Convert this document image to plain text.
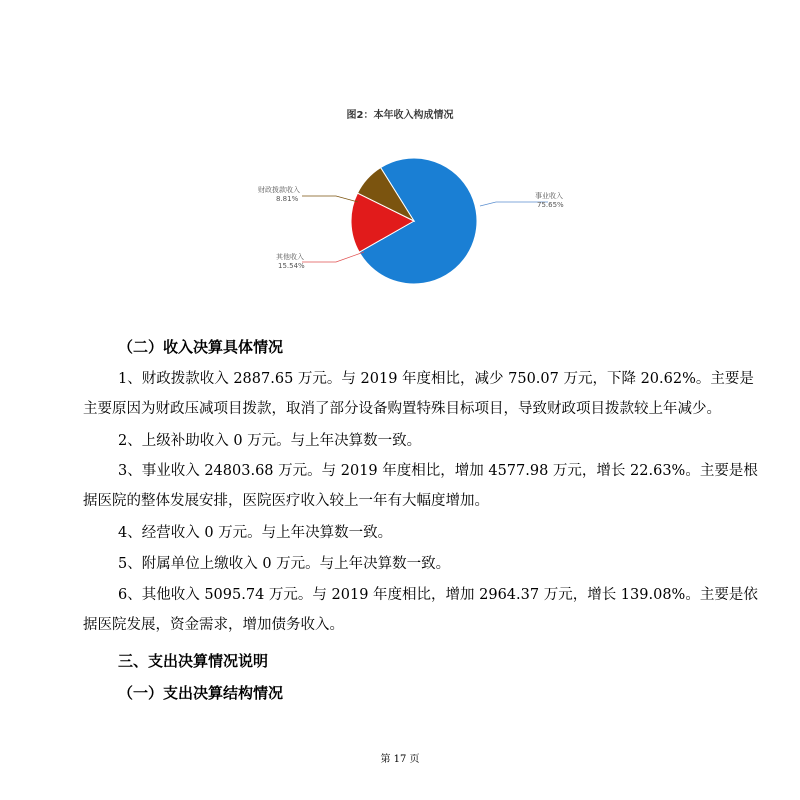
图2：本年收入构成情况
事业收入
75.65%
其他收入
15.54%
财政拨款收入
8.81%
（二）收入决算具体情况
1、财政拨款收入 2887.65 万元。与 2019 年度相比，减少 750.07 万元，下降 20.62%。主要是
主要原因为财政压减项目拨款，取消了部分设备购置特殊目标项目，导致财政项目拨款较上年减少。
2、上级补助收入 0 万元。与上年决算数一致。
3、事业收入 24803.68 万元。与 2019 年度相比，增加 4577.98 万元，增长 22.63%。主要是根
据医院的整体发展安排，医院医疗收入较上一年有大幅度增加。
4、经营收入 0 万元。与上年决算数一致。
5、附属单位上缴收入 0 万元。与上年决算数一致。
6、其他收入 5095.74 万元。与 2019 年度相比，增加 2964.37 万元，增长 139.08%。主要是依
据医院发展，资金需求，增加债务收入。
三、支出决算情况说明
（一）支出决算结构情况
第 17 页
